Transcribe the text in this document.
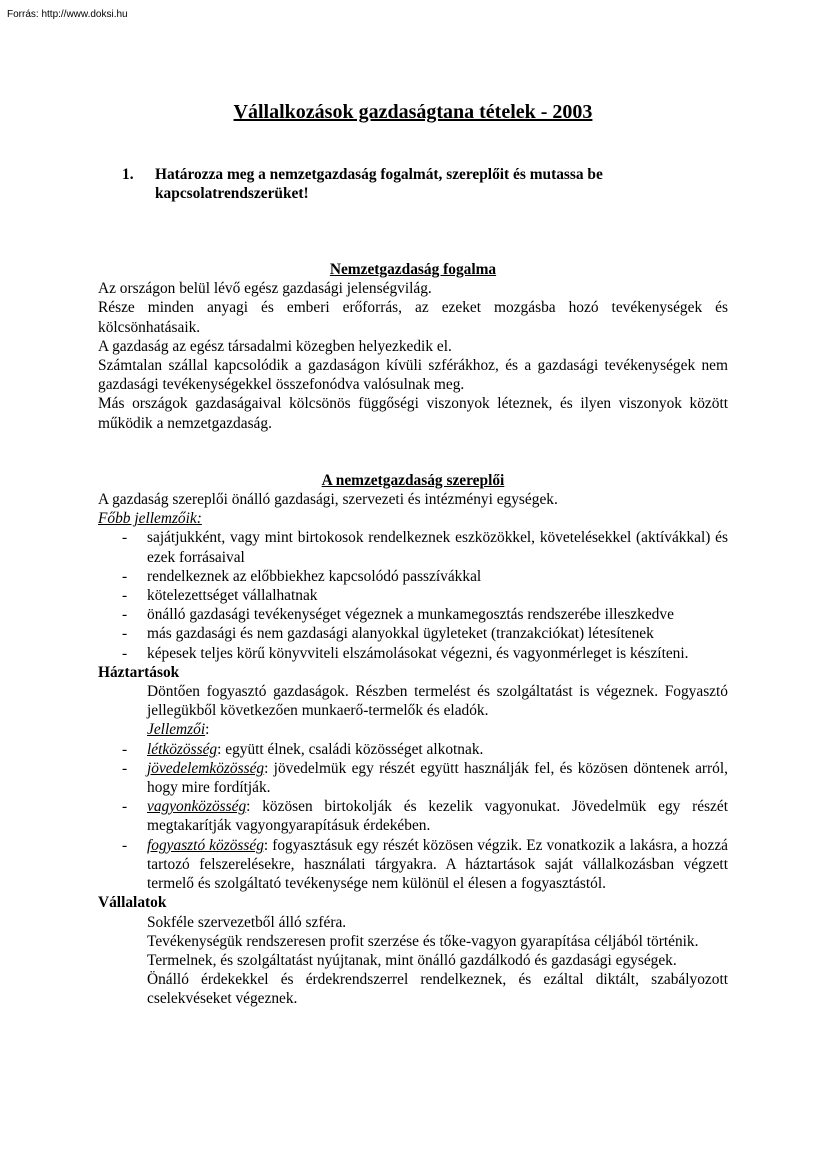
Forrás: http://www.doksi.hu
Vállalkozások gazdaságtana tételek - 2003
1. Határozza meg a nemzetgazdaság fogalmát, szereplőit és mutassa be kapcsolatrendszerüket!
Nemzetgazdaság fogalma

Az országon belül lévő egész gazdasági jelenségvilág.

Része minden anyagi és emberi erőforrás, az ezeket mozgásba hozó tevékenységek és kölcsönhatásaik.

A gazdaság az egész társadalmi közegben helyezkedik el.

Számtalan szállal kapcsolódik a gazdaságon kívüli szférákhoz, és a gazdasági tevékenységek nem gazdasági tevékenységekkel összefonódva valósulnak meg.

Más országok gazdaságaival kölcsönös függőségi viszonyok léteznek, és ilyen viszonyok között működik a nemzetgazdaság.

A nemzetgazdaság szereplői

A gazdaság szereplői önálló gazdasági, szervezeti és intézményi egységek.

Főbb jellemzőik:

- sajátjukként, vagy mint birtokosok rendelkeznek eszközökkel, követelésekkel (aktívákkal) és ezek forrásaival
- rendelkeznek az előbbiekhez kapcsolódó passzívákkal
- kötelezettséget vállalhatnak
- önálló gazdasági tevékenységet végeznek a munkamegosztás rendszerébe illeszkedve
- más gazdasági és nem gazdasági alanyokkal ügyleteket (tranzakciókat) létesítenek
- képesek teljes körű könyvviteli elszámolásokat végezni, és vagyonmérleget is készíteni.
Háztartások

Döntően fogyasztó gazdaságok. Részben termelést és szolgáltatást is végeznek. Fogyasztó jellegükből következően munkaerő-termelők és eladók.

Jellemzői:

- létközösség: együtt élnek, családi közösséget alkotnak.
- jövedelemközösség: jövedelmük egy részét együtt használják fel, és közösen döntenek arról, hogy mire fordítják.
- vagyonközösség: közösen birtokolják és kezelik vagyonukat. Jövedelmük egy részét megtakarítják vagyongyarapításuk érdekében.
- fogyasztó közösség: fogyasztásuk egy részét közösen végzik. Ez vonatkozik a lakásra, a hozzá tartozó felszerelésekre, használati tárgyakra. A háztartások saját vállalkozásban végzett termelő és szolgáltató tevékenysége nem különül el élesen a fogyasztástól.
Vállalatok

Sokféle szervezetből álló szféra.

Tevékenységük rendszeresen profit szerzése és tőke-vagyon gyarapítása céljából történik.

Termelnek, és szolgáltatást nyújtanak, mint önálló gazdálkodó és gazdasági egységek.

Önálló érdekekkel és érdekrendszerrel rendelkeznek, és ezáltal diktált, szabályozott cselekvéseket végeznek.
